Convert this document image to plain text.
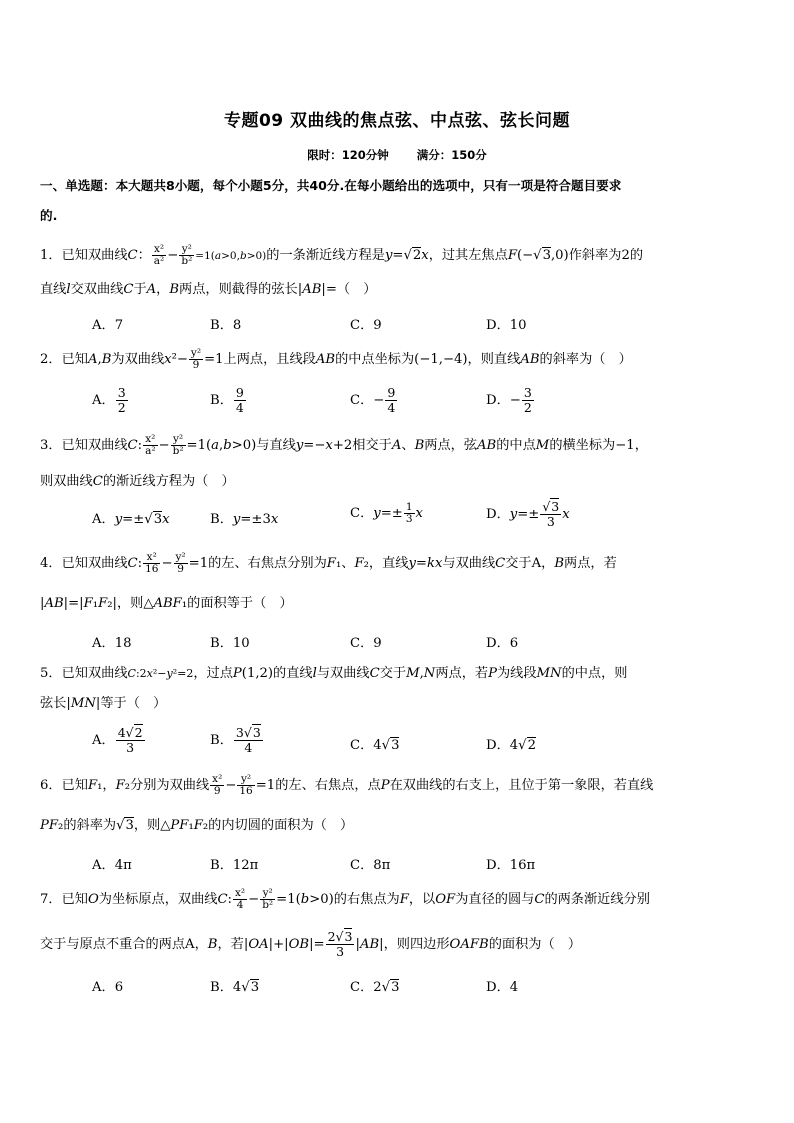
专题09 双曲线的焦点弦、中点弦、弦长问题
限时：120分钟 满分：150分
一、单选题：本大题共8小题，每个小题5分，共40分.在每小题给出的选项中，只有一项是符合题目要求
的.
1．已知双曲线C： $\frac{\text{x²}}{\text{a²}} - \frac{\text{y²}}{\text{b²}} =1(a>0,b>0)$的一条渐近线方程是y=√2x，过其左焦点F(−√3,0)作斜率为2的
直线l交双曲线C于A，B两点，则截得的弦长|AB|=（　）
A．7	B．8	C．9	D．10
2．已知A,B为双曲线$x^2- \frac{\text{y²}}{9} =1$上两点，且线段AB的中点坐标为(−1,−4)，则直线AB的斜率为（　）
A． $\frac{3}{2}$	B． $\frac{9}{4}$	C．− $\frac{9}{4}$	D．− $\frac{3}{2}$
3．已知双曲线C: $\frac{\text{x²}}{\text{a²}} - \frac{\text{y²}}{\text{b²}} =1(a,b>0)$与直线y=−x+2相交于A、B两点，弦AB的中点M的横坐标为−1，
则双曲线C的渐近线方程为（　）
A．y=±√3x	B．y=±3x	C．$y=\pm \frac{1}{3}$ x	D．$y=\pm \frac{√3}{3}$ x
4．已知双曲线C: $\frac{\text{x²}}{16} - \frac{\text{y²}}{9} =1$的左、右焦点分别为F₁、F₂，直线y=kx与双曲线C交于A，B两点，若
|AB|=|F₁F₂|，则△ABF₁的面积等于（　）
A．18	B．10	C．9	D．6
5．已知双曲线C:2x²−y²=2，过点P(1,2)的直线l与双曲线C交于M,N两点，若P为线段MN的中点，则
弦长|MN|等于（　）
A． $\frac{4√2}{3}$	B． $\frac{3√3}{4}$	C．4√3	D．4√2
6．已知F₁，F₂分别为双曲线 $\frac{\text{x²}}{9} - \frac{\text{y²}}{16} =1$的左、右焦点，点P在双曲线的右支上，且位于第一象限，若直线
PF₂的斜率为√3，则△PF₁F₂的内切圆的面积为（　）
A．4π	B．12π	C．8π	D．16π
7．已知O为坐标原点，双曲线C: $\frac{\text{x²}}{4} - \frac{\text{y²}}{\text{b²}} =1(b>0)$的右焦点为F，以OF为直径的圆与C的两条渐近线分别
交于与原点不重合的两点A，B，若$|OA|+|OB|= \frac{2√3}{3} |AB|$，则四边形OAFB的面积为（　）
A．6	B．4√3	C．2√3	D．4
